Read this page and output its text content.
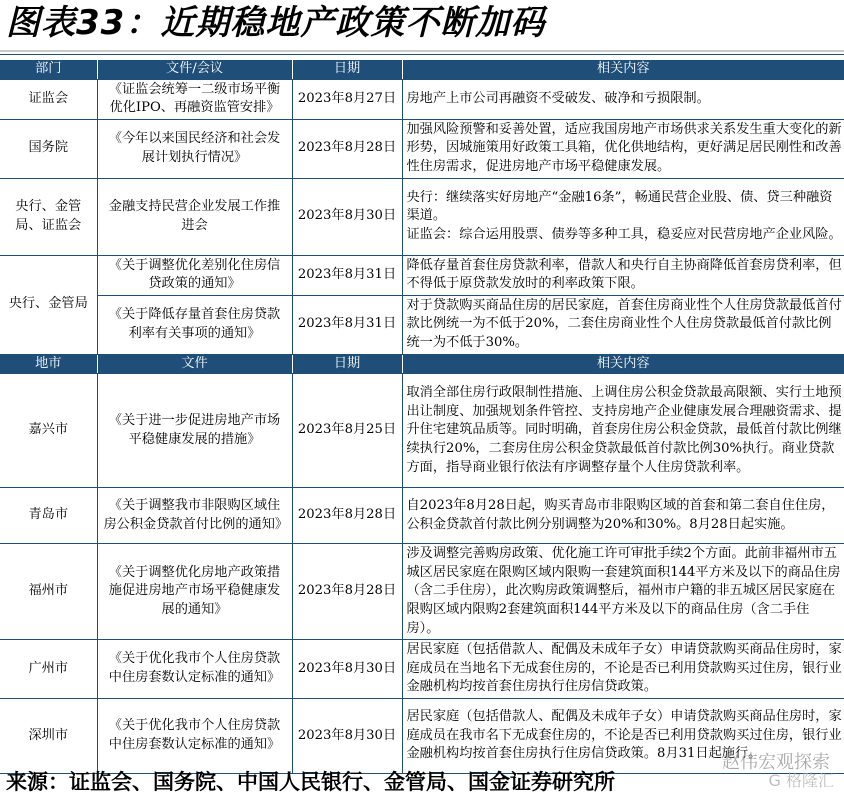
图表33：近期稳地产政策不断加码
部门	文件/会议	日期	相关内容
证监会	《证监会统筹一二级市场平衡优化IPO、再融资监管安排》	2023年8月27日	房地产上市公司再融资不受破发、破净和亏损限制。
国务院	《今年以来国民经济和社会发展计划执行情况》	2023年8月28日	加强风险预警和妥善处置，适应我国房地产市场供求关系发生重大变化的新形势，因城施策用好政策工具箱，优化供地结构，更好满足居民刚性和改善性住房需求，促进房地产市场平稳健康发展。
央行、金管局、证监会	金融支持民营企业发展工作推进会	2023年8月30日	央行：继续落实好房地产“金融16条”，畅通民营企业股、债、贷三种融资渠道。
证监会：综合运用股票、债券等多种工具，稳妥应对民营房地产企业风险。
央行、金管局	《关于调整优化差别化住房信贷政策的通知》	2023年8月31日	降低存量首套住房贷款利率，借款人和央行自主协商降低首套房贷利率，但不得低于原贷款发放时的利率政策下限。
	《关于降低存量首套住房贷款利率有关事项的通知》	2023年8月31日	对于贷款购买商品住房的居民家庭，首套住房商业性个人住房贷款最低首付款比例统一为不低于20%，二套住房商业性个人住房贷款最低首付款比例统一为不低于30%。
地市	文件	日期	相关内容
嘉兴市	《关于进一步促进房地产市场平稳健康发展的措施》	2023年8月25日	取消全部住房行政限制性措施、上调住房公积金贷款最高限额、实行土地预出让制度、加强规划条件管控、支持房地产企业健康发展合理融资需求、提升住宅建筑品质等。同时明确，首套房住房公积金贷款，最低首付款比例继续执行20%，二套房住房公积金贷款最低首付款比例30%执行。商业贷款方面，指导商业银行依法有序调整存量个人住房贷款利率。
青岛市	《关于调整我市非限购区域住房公积金贷款首付比例的通知》	2023年8月28日	自2023年8月28日起，购买青岛市非限购区域的首套和第二套自住住房，公积金贷款首付款比例分别调整为20%和30%。8月28日起实施。
福州市	《关于调整优化房地产政策措施促进房地产市场平稳健康发展的通知》	2023年8月28日	涉及调整完善购房政策、优化施工许可审批手续2个方面。此前非福州市五城区居民家庭在限购区域内限购一套建筑面积144平方米及以下的商品住房（含二手住房），此次购房政策调整后，福州市户籍的非五城区居民家庭在限购区域内限购2套建筑面积144平方米及以下的商品住房（含二手住房）。
广州市	《关于优化我市个人住房贷款中住房套数认定标准的通知》	2023年8月30日	居民家庭（包括借款人、配偶及未成年子女）申请贷款购买商品住房时，家庭成员在当地名下无成套住房的，不论是否已利用贷款购买过住房，银行业金融机构均按首套住房执行住房信贷政策。
深圳市	《关于优化我市个人住房贷款中住房套数认定标准的通知》	2023年8月30日	居民家庭（包括借款人、配偶及未成年子女）申请贷款购买商品住房时，家庭成员在我市名下无成套住房的，不论是否已利用贷款购买过住房，银行业金融机构均按首套住房执行住房信贷政策。8月31日起施行。
来源：证监会、国务院、中国人民银行、金管局、国金证券研究所
赵伟宏观探索
G 格隆汇
